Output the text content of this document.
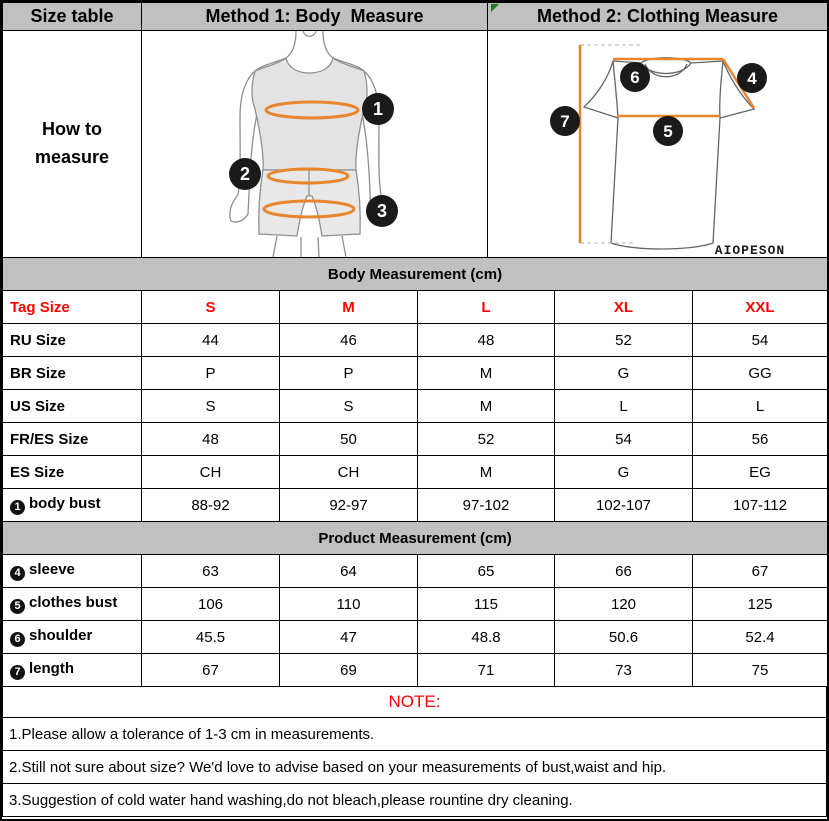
Size table	Method 1: Body  Measure	Method 2: Clothing Measure
How to measure	1
2
3	6 4
7
5
AIOPESON
Body Measurement (cm)					
Tag Size	S	M	L	XL	XXL
RU Size	44	46	48	52	54
BR Size	P	P	M	G	GG
US Size	S	S	M	L	L
FR/ES Size	48	50	52	54	56
ES Size	CH	CH	M	G	EG
1 body bust	88-92	92-97	97-102	102-107	107-112
Product Measurement (cm)					
4 sleeve	63	64	65	66	67
5 clothes bust	106	110	115	120	125
6 shoulder	45.5	47	48.8	50.6	52.4
7 length	67	69	71	73	75
NOTE:
1.Please allow a tolerance of 1-3 cm in measurements.
2.Still not sure about size? We'd love to advise based on your measurements of bust,waist and hip.
3.Suggestion of cold water hand washing,do not bleach,please rountine dry cleaning.
